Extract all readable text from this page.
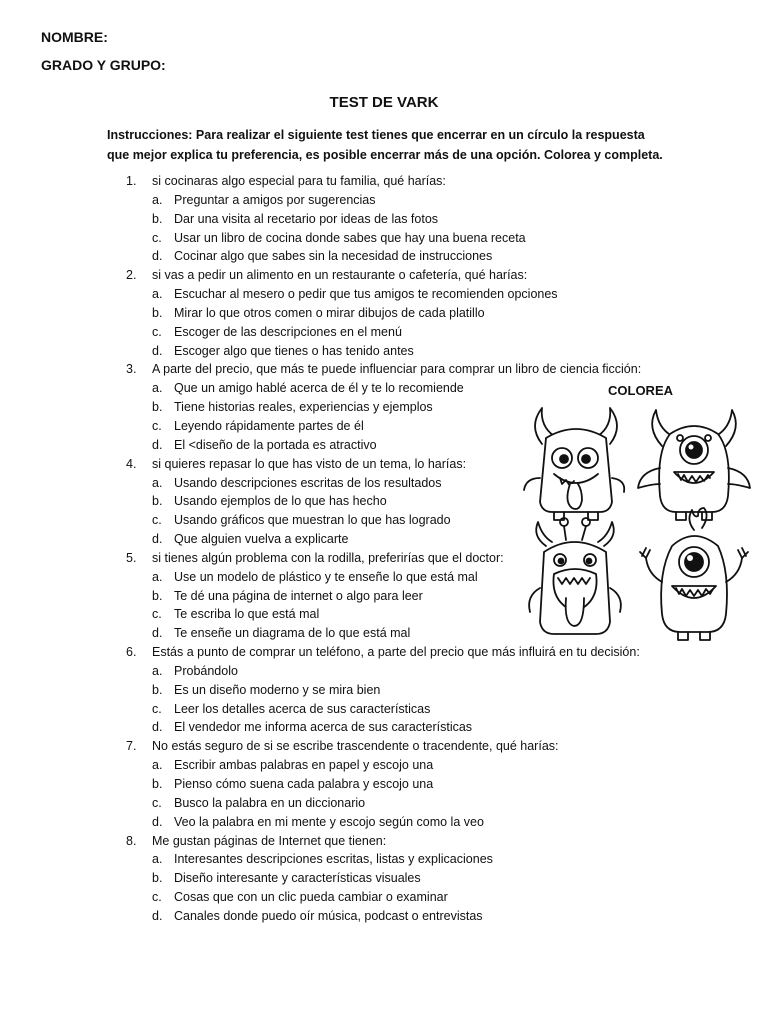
NOMBRE:
GRADO Y GRUPO:
TEST DE VARK
Instrucciones: Para realizar el siguiente test tienes que encerrar en un círculo la respuesta que mejor explica tu preferencia, es posible encerrar más de una opción. Colorea y completa.
1. si cocinaras algo especial para tu familia, qué harías:
a. Preguntar a amigos por sugerencias
b. Dar una visita al recetario por ideas de las fotos
c. Usar un libro de cocina donde sabes que hay una buena receta
d. Cocinar algo que sabes sin la necesidad de instrucciones
2. si vas a pedir un alimento en un restaurante o cafetería, qué harías:
a. Escuchar al mesero o pedir que tus amigos te recomienden opciones
b. Mirar lo que otros comen o mirar dibujos de cada platillo
c. Escoger de las descripciones en el menú
d. Escoger algo que tienes o has tenido antes
3. A parte del precio, que más te puede influenciar para comprar un libro de ciencia ficción:
a. Que un amigo hablé acerca de él y te lo recomiende
b. Tiene historias reales, experiencias y ejemplos
c. Leyendo rápidamente partes de él
d. El <diseño de la portada es atractivo
4. si quieres repasar lo que has visto de un tema, lo harías:
a. Usando descripciones escritas de los resultados
b. Usando ejemplos de lo que has hecho
c. Usando gráficos que muestran lo que has logrado
d. Que alguien vuelva a explicarte
5. si tienes algún problema con la rodilla, preferirías que el doctor:
a. Use un modelo de plástico y te enseñe lo que está mal
b. Te dé una página de internet o algo para leer
c. Te escriba lo que está mal
d. Te enseñe un diagrama de lo que está mal
6. Estás a punto de comprar un teléfono, a parte del precio que más influirá en tu decisión:
a. Probándolo
b. Es un diseño moderno y se mira bien
c. Leer los detalles acerca de sus características
d. El vendedor me informa acerca de sus características
7. No estás seguro de si se escribe trascendente o tracendente, qué harías:
a. Escribir ambas palabras en papel y escojo una
b. Pienso cómo suena cada palabra y escojo una
c. Busco la palabra en un diccionario
d. Veo la palabra en mi mente y escojo según como la veo
8. Me gustan páginas de Internet que tienen:
a. Interesantes descripciones escritas, listas y explicaciones
b. Diseño interesante y características visuales
c. Cosas que con un clic pueda cambiar o examinar
d. Canales donde puedo oír música, podcast o entrevistas
COLOREA
